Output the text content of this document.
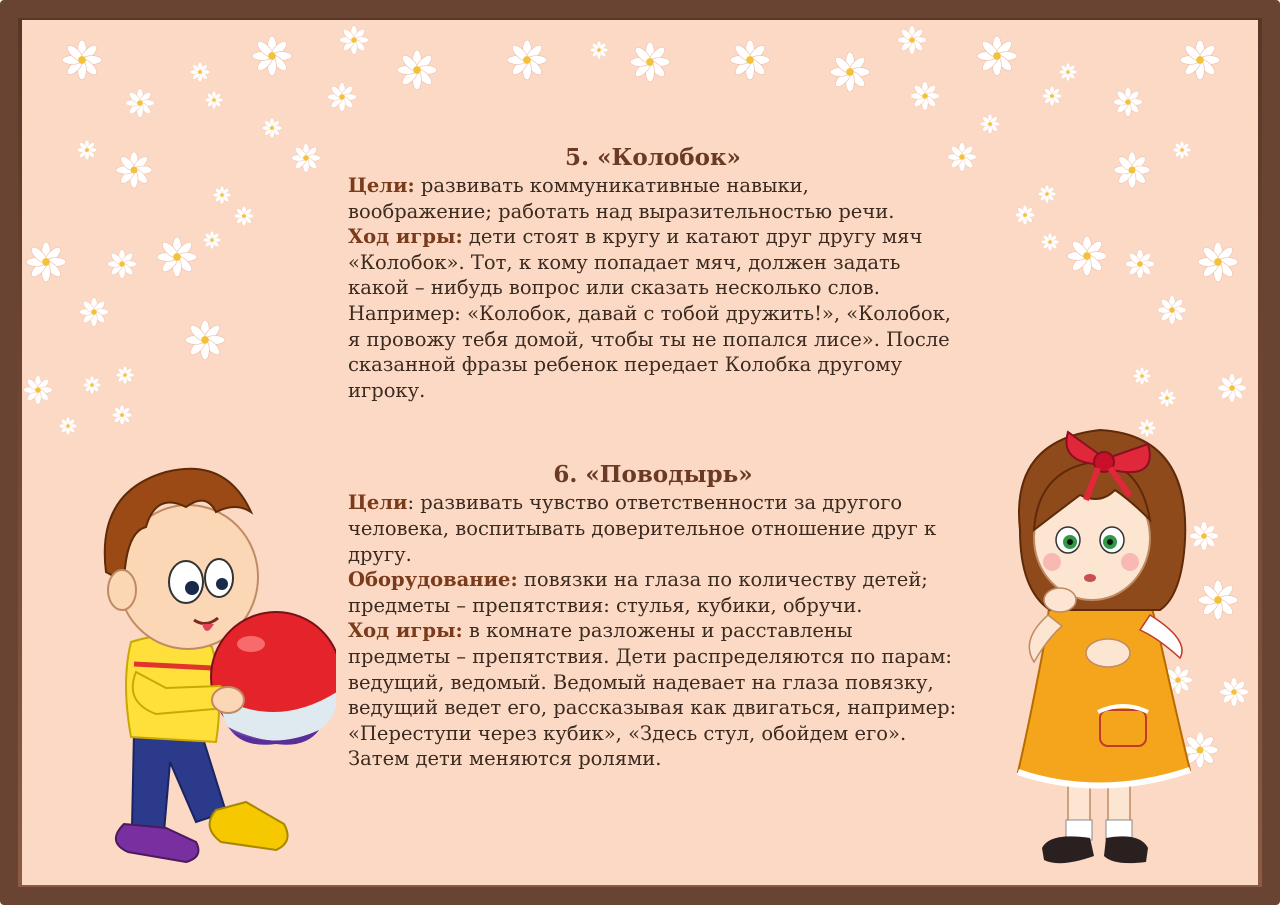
5. «Колобок»

Цели: развивать коммуникативные навыки, воображение; работать над выразительностью речи.

Ход игры: дети стоят в кругу и катают друг другу мяч «Колобок». Тот, к кому попадает мяч, должен задать какой – нибудь вопрос или сказать несколько слов. Например: «Колобок, давай с тобой дружить!», «Колобок, я провожу тебя домой, чтобы ты не попался лисе». После сказанной фразы ребенок передает Колобка другому игроку.

6. «Поводырь»

Цели: развивать чувство ответственности за другого человека, воспитывать доверительное отношение друг к другу.

Оборудование: повязки на глаза по количеству детей; предметы – препятствия: стулья, кубики, обручи.

Ход игры: в комнате разложены и расставлены предметы – препятствия. Дети распределяются по парам: ведущий, ведомый. Ведомый надевает на глаза повязку, ведущий ведет его, рассказывая как двигаться, например: «Переступи через кубик», «Здесь стул, обойдем его». Затем дети меняются ролями.
